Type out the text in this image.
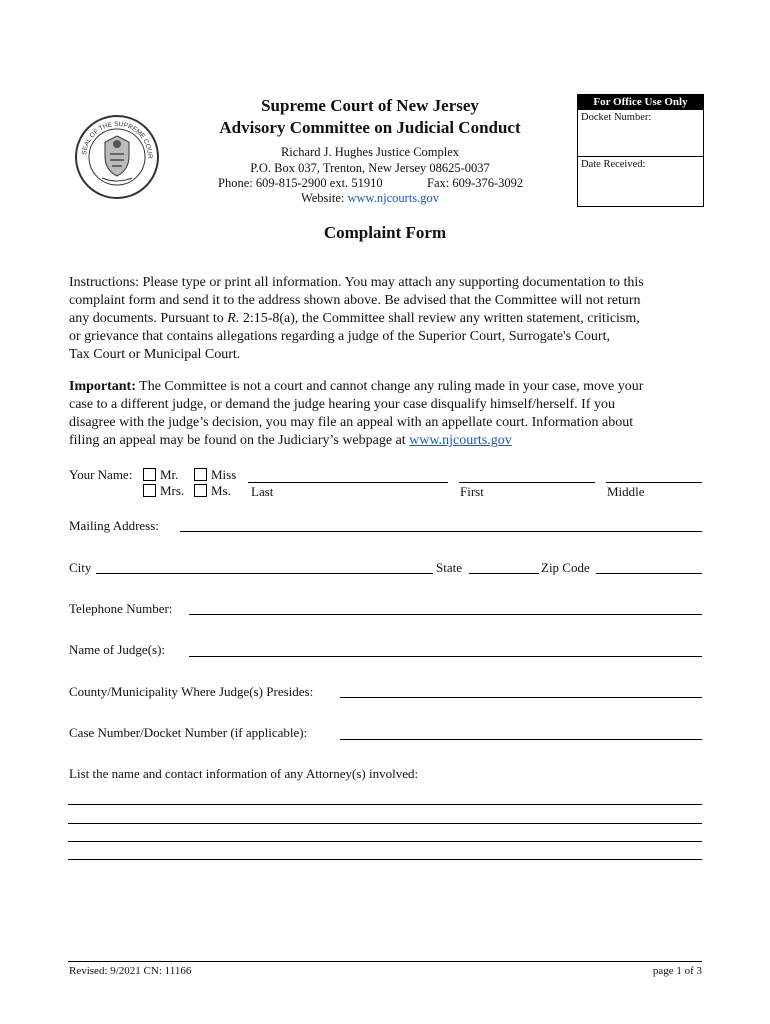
SEAL OF THE SUPREME COUR
Supreme Court of New Jersey
Advisory Committee on Judicial Conduct
Richard J. Hughes Justice Complex
P.O. Box 037, Trenton, New Jersey 08625-0037
Phone: 609-815-2900 ext. 51910	Fax: 609-376-3092
Website: www.njcourts.gov
For Office Use Only
Docket Number:
Date Received:
Complaint Form
Instructions: Please type or print all information. You may attach any supporting documentation to this
complaint form and send it to the address shown above. Be advised that the Committee will not return
any documents. Pursuant to R. 2:15-8(a), the Committee shall review any written statement, criticism,
or grievance that contains allegations regarding a judge of the Superior Court, Surrogate's Court,
Tax Court or Municipal Court.
Important: The Committee is not a court and cannot change any ruling made in your case, move your
case to a different judge, or demand the judge hearing your case disqualify himself/herself. If you
disagree with the judge’s decision, you may file an appeal with an appellate court. Information about
filing an appeal may be found on the Judiciary’s webpage at www.njcourts.gov
Your Name: Mr.	Miss
Mrs. Ms. Last	First	Middle
Mailing Address:
City	State	Zip Code
Telephone Number:
Name of Judge(s):
County/Municipality Where Judge(s) Presides:
Case Number/Docket Number (if applicable):
List the name and contact information of any Attorney(s) involved:
Revised: 9/2021 CN: 11166	page 1 of 3
